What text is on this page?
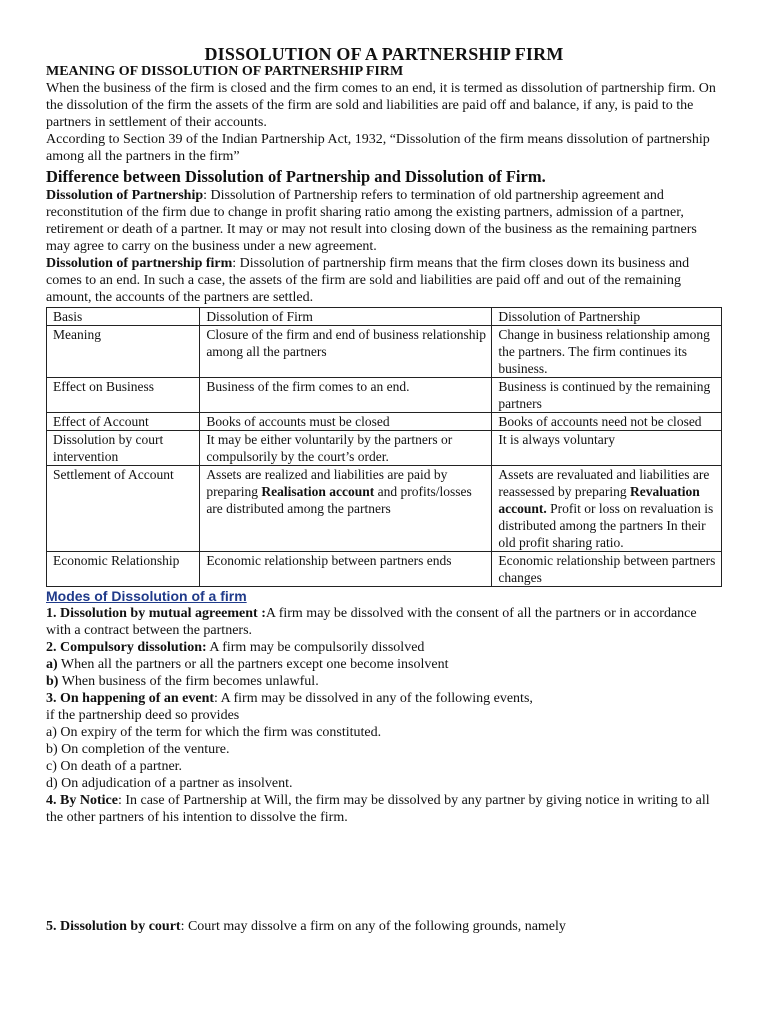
DISSOLUTION OF A PARTNERSHIP FIRM

MEANING OF DISSOLUTION OF PARTNERSHIP FIRM

When the business of the firm is closed and the firm comes to an end, it is termed as dissolution of partnership firm. On the dissolution of the firm the assets of the firm are sold and liabilities are paid off and balance, if any, is paid to the partners in settlement of their accounts.

According to Section 39 of the Indian Partnership Act, 1932, “Dissolution of the firm means dissolution of partnership among all the partners in the firm”

Difference between Dissolution of Partnership and Dissolution of Firm.

Dissolution of Partnership: Dissolution of Partnership refers to termination of old partnership agreement and reconstitution of the firm due to change in profit sharing ratio among the existing partners, admission of a partner, retirement or death of a partner. It may or may not result into closing down of the business as the remaining partners may agree to carry on the business under a new agreement.

Dissolution of partnership firm: Dissolution of partnership firm means that the firm closes down its business and comes to an end. In such a case, the assets of the firm are sold and liabilities are paid off and out of the remaining amount, the accounts of the partners are settled.

Basis	Dissolution of Firm	Dissolution of Partnership
Meaning	Closure of the firm and end of business relationship among all the partners	Change in business relationship among the partners. The firm continues its business.
Effect on Business	Business of the firm comes to an end.	Business is continued by the remaining partners
Effect of Account	Books of accounts must be closed	Books of accounts need not be closed
Dissolution by court intervention	It may be either voluntarily by the partners or compulsorily by the court’s order.	It is always voluntary
Settlement of Account	Assets are realized and liabilities are paid by preparing Realisation account and profits/losses are distributed among the partners	Assets are revaluated and liabilities are reassessed by preparing Revaluation account. Profit or loss on revaluation is distributed among the partners In their old profit sharing ratio.
Economic Relationship	Economic relationship between partners ends	Economic relationship between partners changes

Modes of Dissolution of a firm

1. Dissolution by mutual agreement :A firm may be dissolved with the consent of all the partners or in accordance with a contract between the partners.

2. Compulsory dissolution: A firm may be compulsorily dissolved

a) When all the partners or all the partners except one become insolvent

b) When business of the firm becomes unlawful.

3. On happening of an event: A firm may be dissolved in any of the following events,

if the partnership deed so provides

a) On expiry of the term for which the firm was constituted.

b) On completion of the venture.

c) On death of a partner.

d) On adjudication of a partner as insolvent.

4. By Notice: In case of Partnership at Will, the firm may be dissolved by any partner by giving notice in writing to all the other partners of his intention to dissolve the firm.

5. Dissolution by court: Court may dissolve a firm on any of the following grounds, namely
